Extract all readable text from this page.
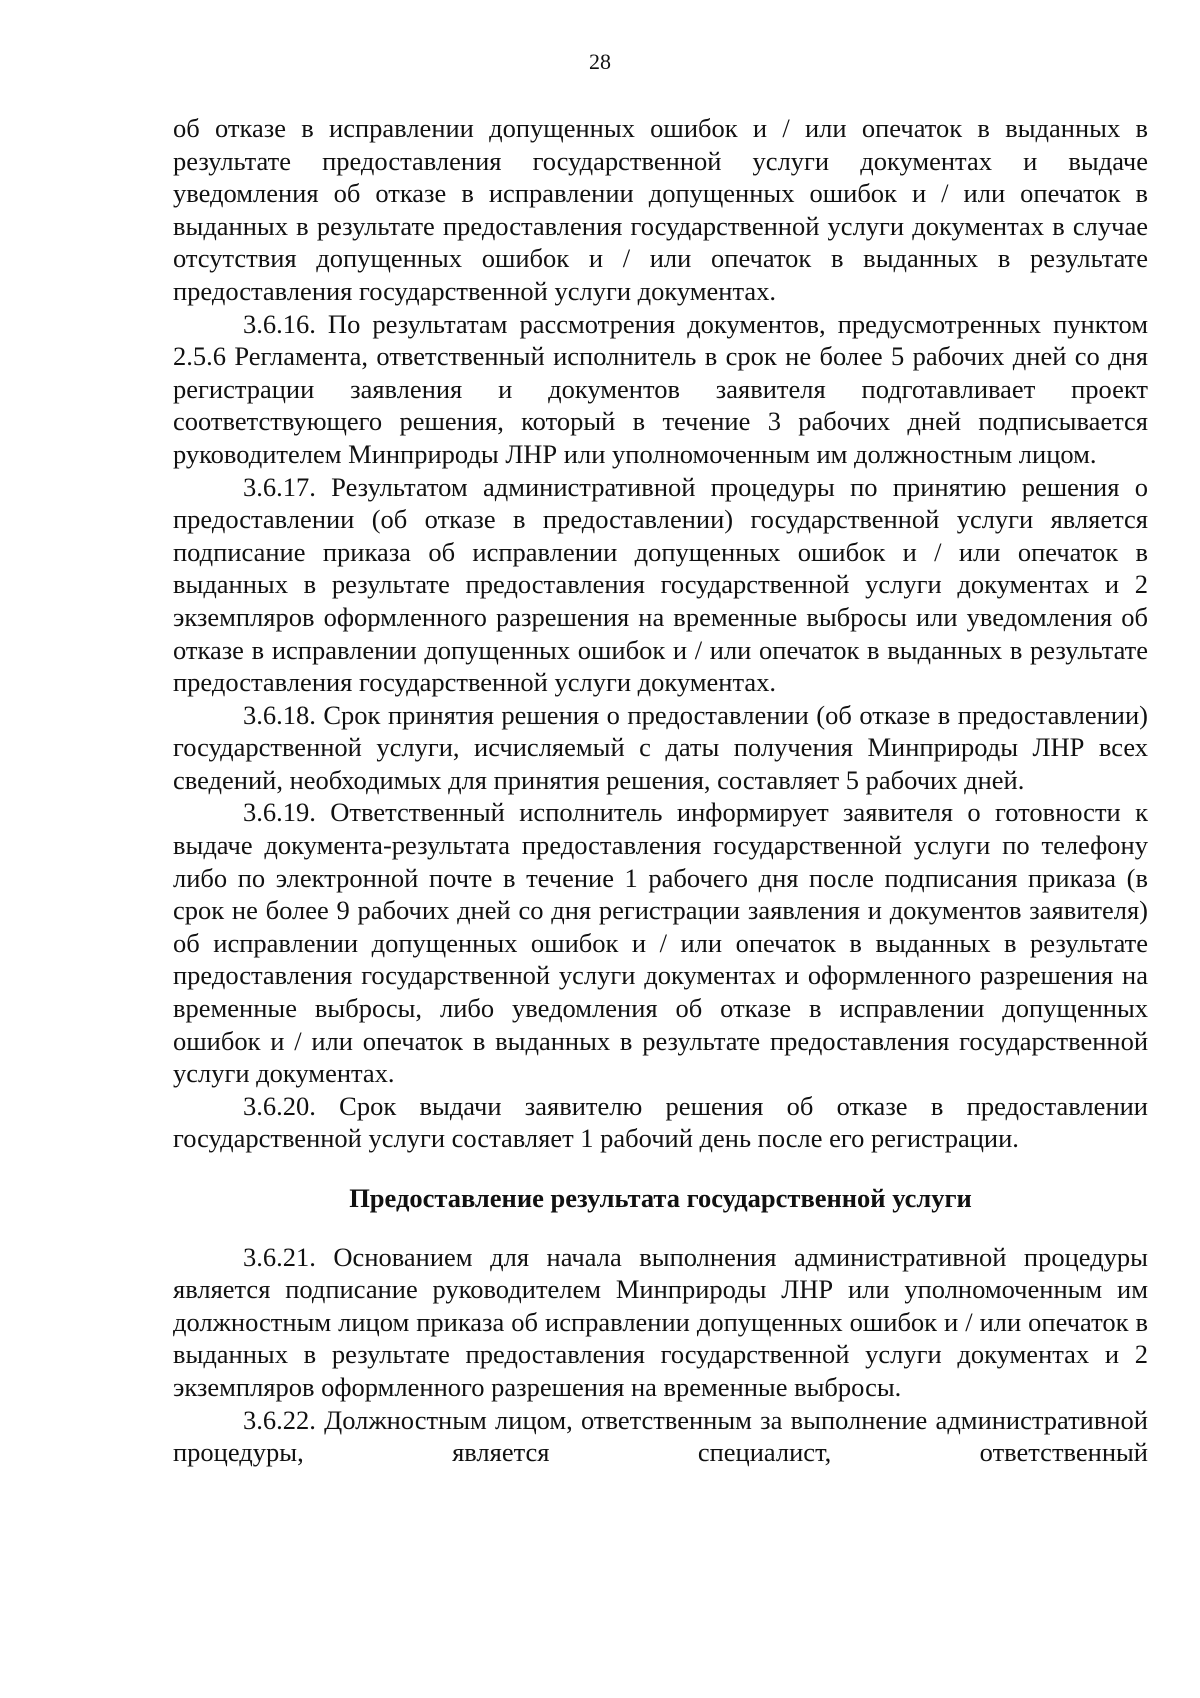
28

об отказе в исправлении допущенных ошибок и / или опечаток в выданных в результате предоставления государственной услуги документах и выдаче уведомления об отказе в исправлении допущенных ошибок и / или опечаток в выданных в результате предоставления государственной услуги документах в случае отсутствия допущенных ошибок и / или опечаток в выданных в результате предоставления государственной услуги документах.

3.6.16. По результатам рассмотрения документов, предусмотренных пунктом 2.5.6 Регламента, ответственный исполнитель в срок не более 5 рабочих дней со дня регистрации заявления и документов заявителя подготавливает проект соответствующего решения, который в течение 3 рабочих дней подписывается руководителем Минприроды ЛНР или уполномоченным им должностным лицом.

3.6.17. Результатом административной процедуры по принятию решения о предоставлении (об отказе в предоставлении) государственной услуги является подписание приказа об исправлении допущенных ошибок и / или опечаток в выданных в результате предоставления государственной услуги документах и 2 экземпляров оформленного разрешения на временные выбросы или уведомления об отказе в исправлении допущенных ошибок и / или опечаток в выданных в результате предоставления государственной услуги документах.

3.6.18. Срок принятия решения о предоставлении (об отказе в предоставлении) государственной услуги, исчисляемый с даты получения Минприроды ЛНР всех сведений, необходимых для принятия решения, составляет 5 рабочих дней.

3.6.19. Ответственный исполнитель информирует заявителя о готовности к выдаче документа-результата предоставления государственной услуги по телефону либо по электронной почте в течение 1 рабочего дня после подписания приказа (в срок не более 9 рабочих дней со дня регистрации заявления и документов заявителя) об исправлении допущенных ошибок и / или опечаток в выданных в результате предоставления государственной услуги документах и оформленного разрешения на временные выбросы, либо уведомления об отказе в исправлении допущенных ошибок и / или опечаток в выданных в результате предоставления государственной услуги документах.

3.6.20. Срок выдачи заявителю решения об отказе в предоставлении государственной услуги составляет 1 рабочий день после его регистрации.

Предоставление результата государственной услуги

3.6.21. Основанием для начала выполнения административной процедуры является подписание руководителем Минприроды ЛНР или уполномоченным им должностным лицом приказа об исправлении допущенных ошибок и / или опечаток в выданных в результате предоставления государственной услуги документах и 2 экземпляров оформленного разрешения на временные выбросы.

3.6.22. Должностным лицом, ответственным за выполнение административной процедуры, является специалист, ответственный
